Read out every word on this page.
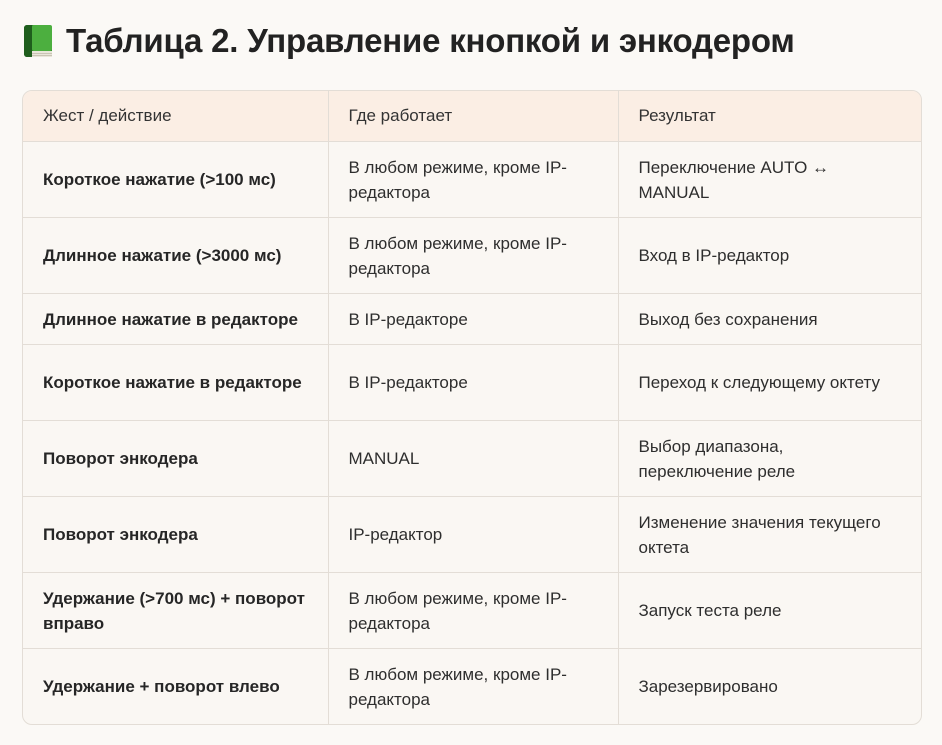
Таблица 2. Управление кнопкой и энкодером
Жест / действие	Где работает	Результат
Короткое нажатие (>100 мс)	В любом режиме, кроме IP-редактора	Переключение AUTO ↔ MANUAL
Длинное нажатие (>3000 мс)	В любом режиме, кроме IP-редактора	Вход в IP-редактор
Длинное нажатие в редакторе	В IP-редакторе	Выход без сохранения
Короткое нажатие в редакторе	В IP-редакторе	Переход к следующему октету
Поворот энкодера	MANUAL	Выбор диапазона, переключение реле
Поворот энкодера	IP-редактор	Изменение значения текущего октета
Удержание (>700 мс) + поворот вправо	В любом режиме, кроме IP-редактора	Запуск теста реле
Удержание + поворот влево	В любом режиме, кроме IP-редактора	Зарезервировано
